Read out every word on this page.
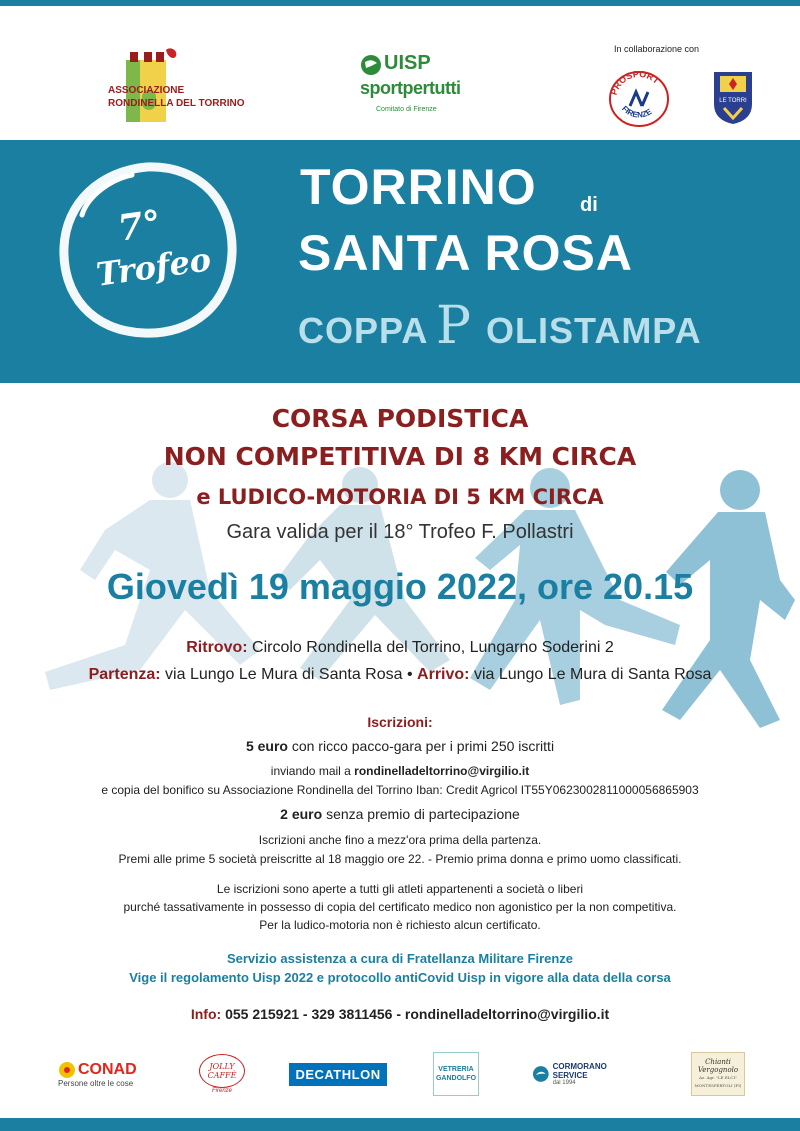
ASSOCIAZIONE
RONDINELLA DEL TORRINO
UISP
sportpertutti
Comitato di Firenze
In collaborazione con
PROSPORT
FIRENZE
LE TORRI
7°
Trofeo
TORRINO di
SANTA ROSA
COPPA P OLISTAMPA
CORSA PODISTICA
NON COMPETITIVA DI 8 KM CIRCA
e LUDICO-MOTORIA DI 5 KM CIRCA
Gara valida per il 18° Trofeo F. Pollastri
Giovedì 19 maggio 2022, ore 20.15
Ritrovo: Circolo Rondinella del Torrino, Lungarno Soderini 2
Partenza: via Lungo Le Mura di Santa Rosa • Arrivo: via Lungo Le Mura di Santa Rosa
Iscrizioni:
5 euro con ricco pacco-gara per i primi 250 iscritti
inviando mail a rondinelladeltorrino@virgilio.it
e copia del bonifico su Associazione Rondinella del Torrino Iban: Credit Agricol IT55Y0623002811000056865903
2 euro senza premio di partecipazione
Iscrizioni anche fino a mezz'ora prima della partenza.
Premi alle prime 5 società preiscritte al 18 maggio ore 22. - Premio prima donna e primo uomo classificati.
Le iscrizioni sono aperte a tutti gli atleti appartenenti a società o liberi
purché tassativamente in possesso di copia del certificato medico non agonistico per la non competitiva.
Per la ludico-motoria non è richiesto alcun certificato.
Servizio assistenza a cura di Fratellanza Militare Firenze
Vige il regolamento Uisp 2022 e protocollo antiCovid Uisp in vigore alla data della corsa
Info: 055 215921 - 329 3811456 - rondinelladeltorrino@virgilio.it
CONAD
Persone oltre le cose
JOLLY CAFFÈ
Firenze
DECATHLON	VETRERIA
GANDOLFO
CORMORANO SERVICE
dal 1994
Chianti
Vergognolo
Az. Agr. "LE ELCI"
MONTESPERTOLI (FI)
